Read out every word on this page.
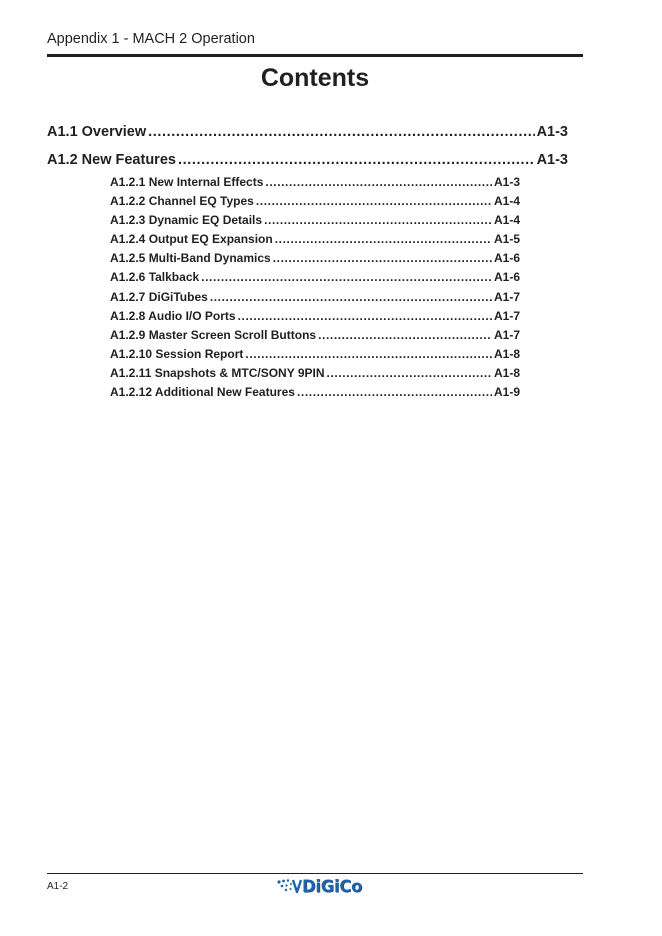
Appendix 1 - MACH 2 Operation
Contents
A1.1 Overview .....	A1-3
A1.2 New Features .....	A1-3
A1.2.1 New Internal Effects .....	A1-3
A1.2.2 Channel EQ Types .....	A1-4
A1.2.3 Dynamic EQ Details .....	A1-4
A1.2.4 Output EQ Expansion .....	A1-5
A1.2.5 Multi-Band Dynamics .....	A1-6
A1.2.6 Talkback .....	A1-6
A1.2.7 DiGiTubes .....	A1-7
A1.2.8 Audio I/O Ports .....	A1-7
A1.2.9 Master Screen Scroll Buttons .....	A1-7
A1.2.10 Session Report .....	A1-8
A1.2.11 Snapshots & MTC/SONY 9PIN .....	A1-8
A1.2.12 Additional New Features .....	A1-9
A1-2	DiGiCo
